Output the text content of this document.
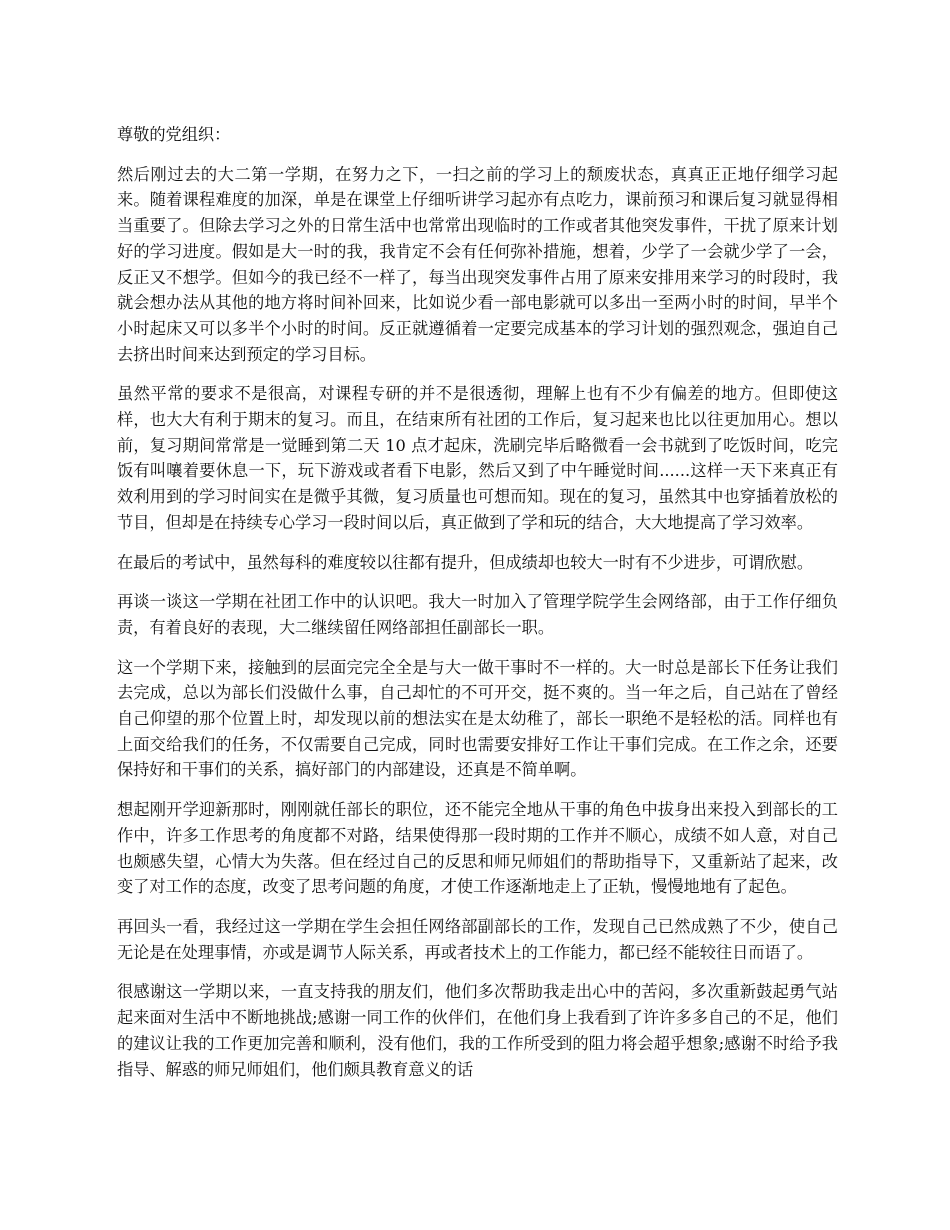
尊敬的党组织：

然后刚过去的大二第一学期，在努力之下，一扫之前的学习上的颓废状态，真真正正地仔细学习起来。随着课程难度的加深，单是在课堂上仔细听讲学习起亦有点吃力，课前预习和课后复习就显得相当重要了。但除去学习之外的日常生活中也常常出现临时的工作或者其他突发事件，干扰了原来计划好的学习进度。假如是大一时的我，我肯定不会有任何弥补措施，想着，少学了一会就少学了一会，反正又不想学。但如今的我已经不一样了，每当出现突发事件占用了原来安排用来学习的时段时，我就会想办法从其他的地方将时间补回来，比如说少看一部电影就可以多出一至两小时的时间，早半个小时起床又可以多半个小时的时间。反正就遵循着一定要完成基本的学习计划的强烈观念，强迫自己去挤出时间来达到预定的学习目标。

虽然平常的要求不是很高，对课程专研的并不是很透彻，理解上也有不少有偏差的地方。但即使这样，也大大有利于期末的复习。而且，在结束所有社团的工作后，复习起来也比以往更加用心。想以前，复习期间常常是一觉睡到第二天 10 点才起床，洗刷完毕后略微看一会书就到了吃饭时间，吃完饭有叫嚷着要休息一下，玩下游戏或者看下电影，然后又到了中午睡觉时间......这样一天下来真正有效利用到的学习时间实在是微乎其微，复习质量也可想而知。现在的复习，虽然其中也穿插着放松的节目，但却是在持续专心学习一段时间以后，真正做到了学和玩的结合，大大地提高了学习效率。

在最后的考试中，虽然每科的难度较以往都有提升，但成绩却也较大一时有不少进步，可谓欣慰。

再谈一谈这一学期在社团工作中的认识吧。我大一时加入了管理学院学生会网络部，由于工作仔细负责，有着良好的表现，大二继续留任网络部担任副部长一职。

这一个学期下来，接触到的层面完完全全是与大一做干事时不一样的。大一时总是部长下任务让我们去完成，总以为部长们没做什么事，自己却忙的不可开交，挺不爽的。当一年之后，自己站在了曾经自己仰望的那个位置上时，却发现以前的想法实在是太幼稚了，部长一职绝不是轻松的活。同样也有上面交给我们的任务，不仅需要自己完成，同时也需要安排好工作让干事们完成。在工作之余，还要保持好和干事们的关系，搞好部门的内部建设，还真是不简单啊。

想起刚开学迎新那时，刚刚就任部长的职位，还不能完全地从干事的角色中拔身出来投入到部长的工作中，许多工作思考的角度都不对路，结果使得那一段时期的工作并不顺心，成绩不如人意，对自己也颇感失望，心情大为失落。但在经过自己的反思和师兄师姐们的帮助指导下，又重新站了起来，改变了对工作的态度，改变了思考问题的角度，才使工作逐渐地走上了正轨，慢慢地地有了起色。

再回头一看，我经过这一学期在学生会担任网络部副部长的工作，发现自己已然成熟了不少，使自己无论是在处理事情，亦或是调节人际关系，再或者技术上的工作能力，都已经不能较往日而语了。

很感谢这一学期以来，一直支持我的朋友们，他们多次帮助我走出心中的苦闷，多次重新鼓起勇气站起来面对生活中不断地挑战;感谢一同工作的伙伴们，在他们身上我看到了许许多多自己的不足，他们的建议让我的工作更加完善和顺利，没有他们，我的工作所受到的阻力将会超乎想象;感谢不时给予我指导、解惑的师兄师姐们，他们颇具教育意义的话
